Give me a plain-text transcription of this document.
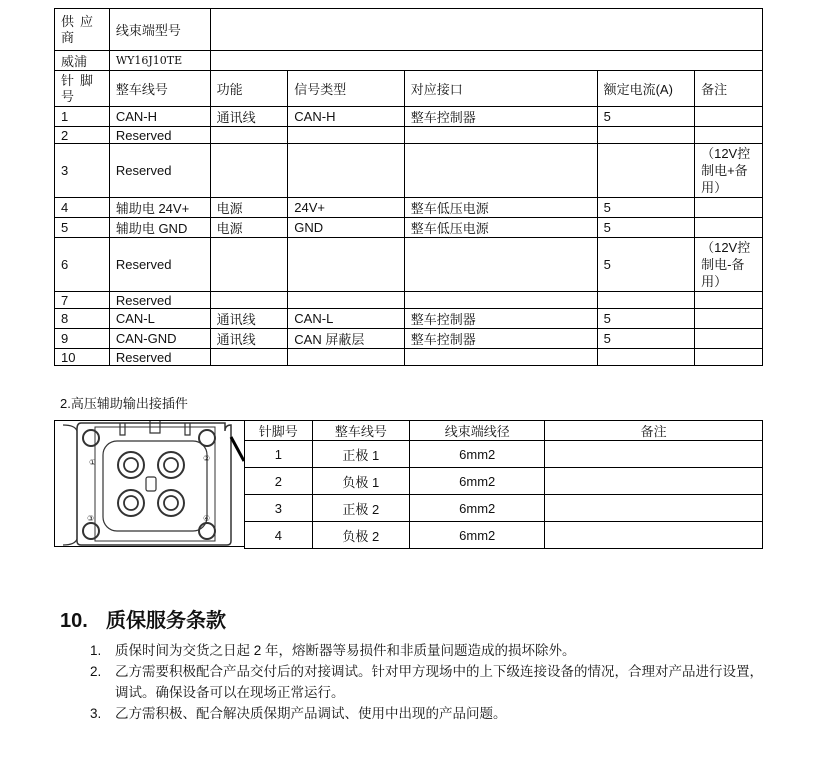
供应商	线束端型号					
威浦	WY16J10TE					
针脚号	整车线号	功能	信号类型	对应接口	额定电流(A)	备注
1	CAN-H	通讯线	CAN-H	整车控制器	5	
2	Reserved					
3	Reserved					（12V控制电+备用）
4	辅助电 24V+	电源	24V+	整车低压电源	5	
5	辅助电 GND	电源	GND	整车低压电源	5	
6	Reserved				5	（12V控制电-备用）
7	Reserved					
8	CAN-L	通讯线	CAN-L	整车控制器	5	
9	CAN-GND	通讯线	CAN 屏蔽层	整车控制器	5	
10	Reserved					
2.高压辅助输出接插件
①	②
③	④
针脚号	整车线号	线束端线径	备注
1	正极 1	6mm2	
2	负极 1	6mm2	
3	正极 2	6mm2	
4	负极 2	6mm2	
10. 质保服务条款
1. 质保时间为交货之日起 2 年，熔断器等易损件和非质量问题造成的损坏除外。
2. 乙方需要积极配合产品交付后的对接调试。针对甲方现场中的上下级连接设备的情况，合理对产品进行设置，调试。确保设备可以在现场正常运行。
3. 乙方需积极、配合解决质保期产品调试、使用中出现的产品问题。
